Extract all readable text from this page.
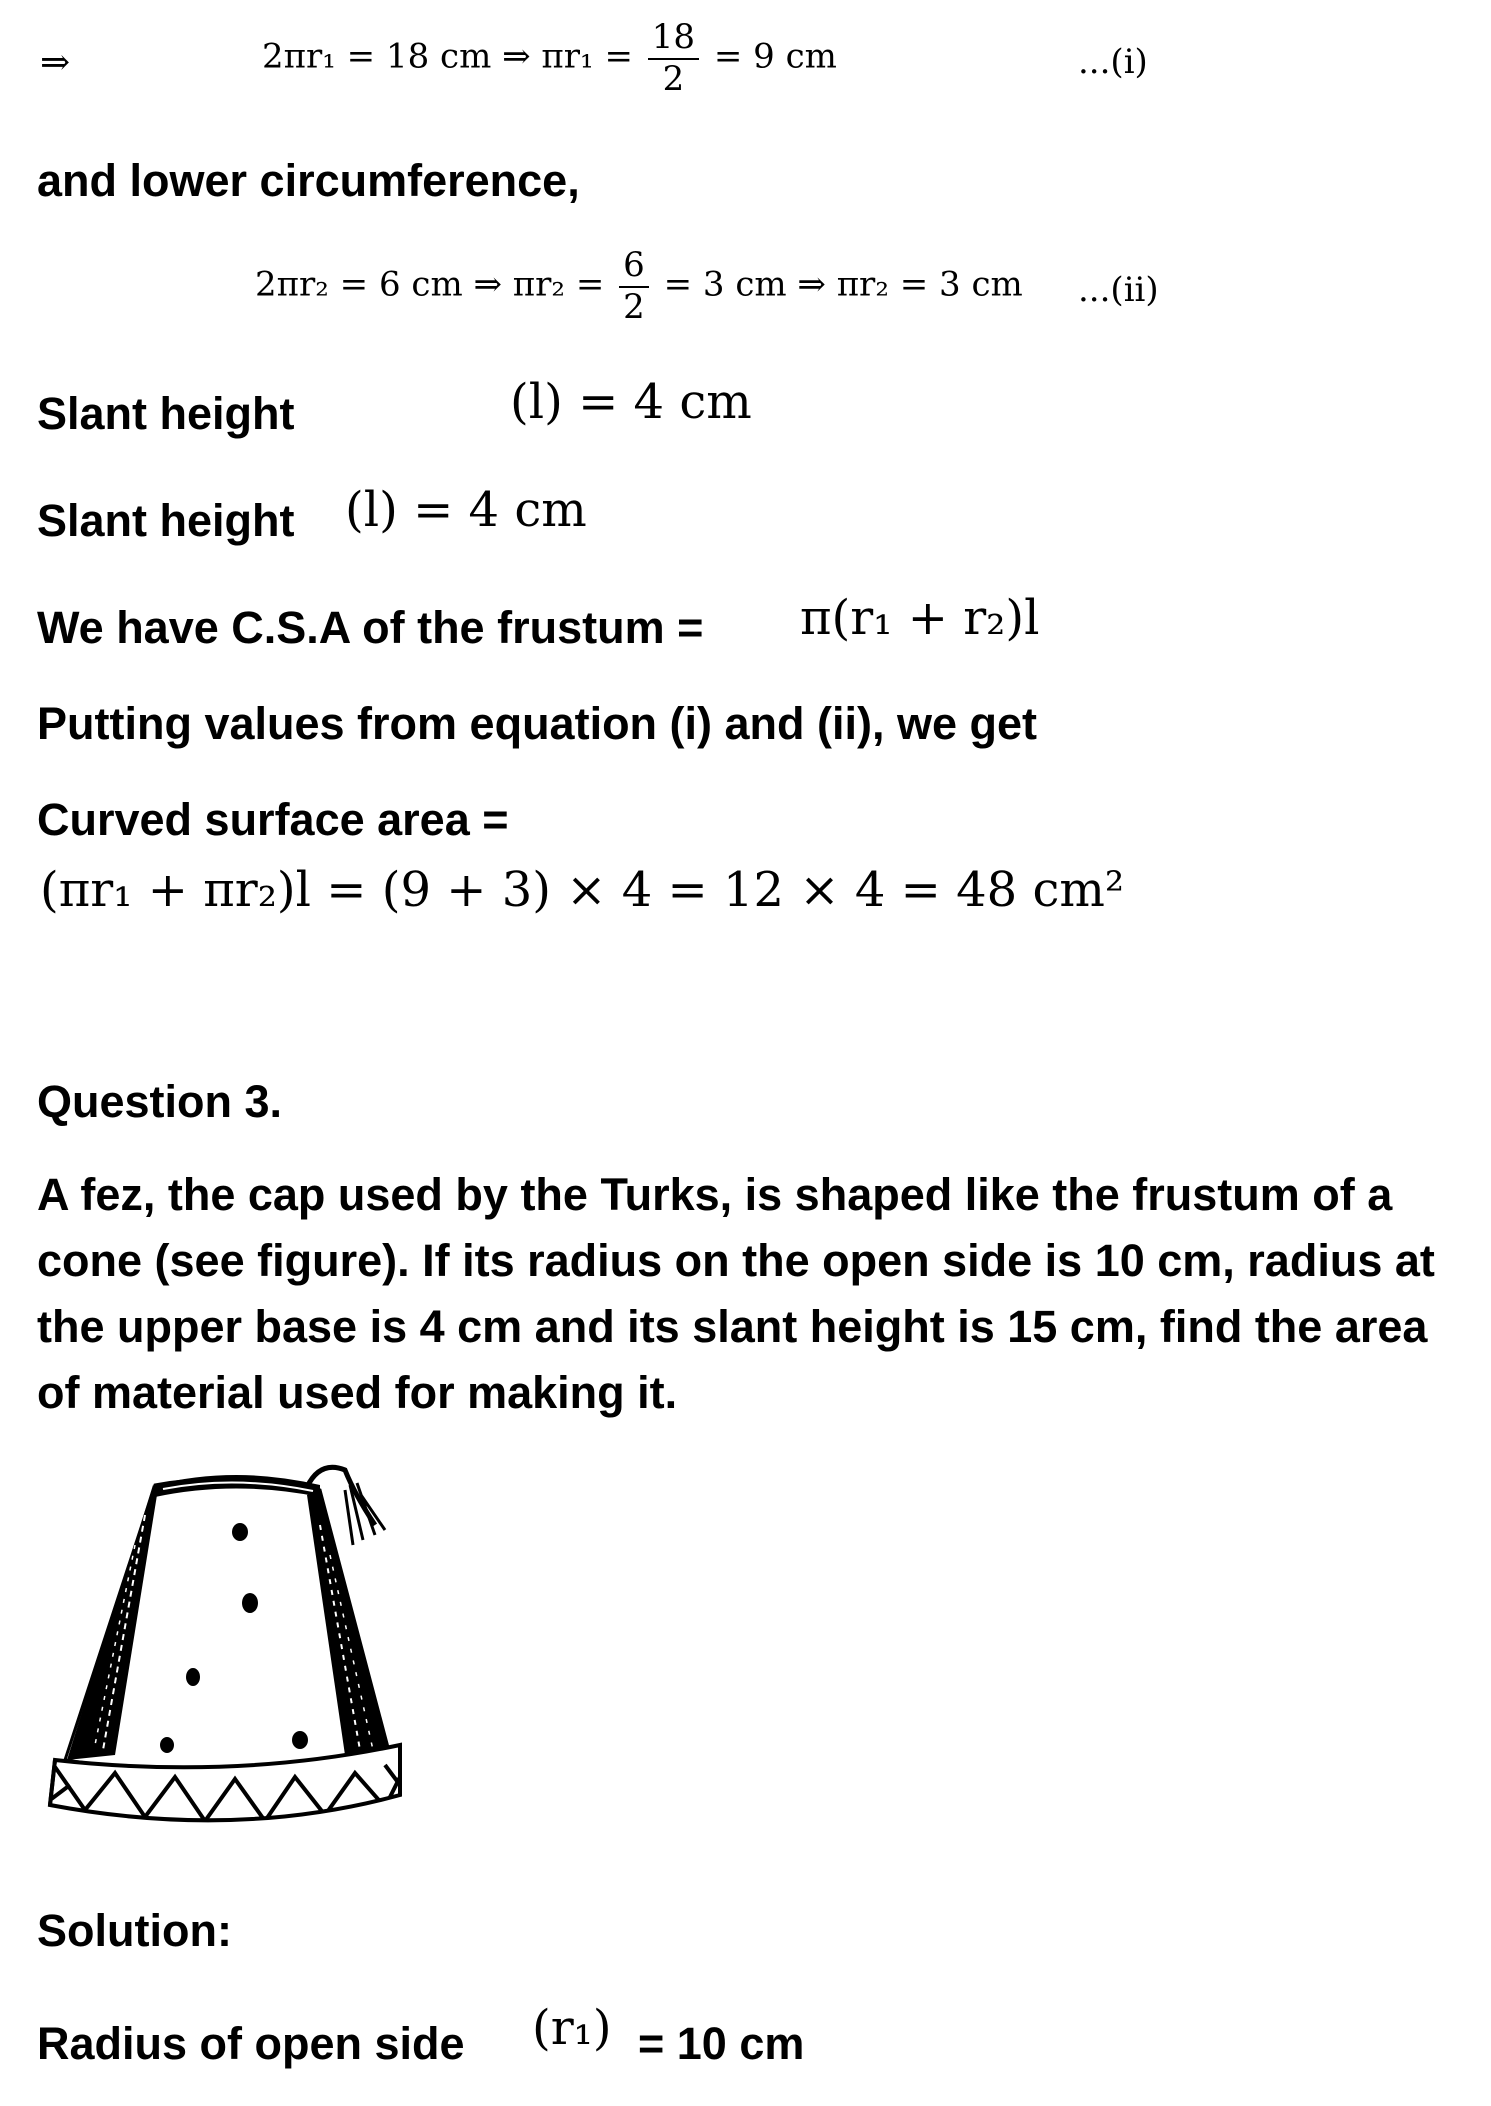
⇒	2πr₁ = 18 cm ⇒ $\pi r_1 = \frac{18}{2} = 9$ cm	...(i)
and lower circumference,
2πr₂ = 6 cm ⇒ $\pi r_2 = \frac{6}{2} = 3$ cm ⇒ πr₂ = 3 cm ...(ii)
Slant height	(l) = 4 cm
Slant height (l) = 4 cm
We have C.S.A of the frustum = π(r₁ + r₂)l
Putting values from equation (i) and (ii), we get
Curved surface area =
(πr₁ + πr₂)l = (9 + 3) × 4 = 12 × 4 = 48 cm²
Question 3.
A fez, the cap used by the Turks, is shaped like the frustum of a cone (see figure). If its radius on the open side is 10 cm, radius at the upper base is 4 cm and its slant height is 15 cm, find the area of material used for making it.
Solution:
Radius of open side (r₁) = 10 cm
